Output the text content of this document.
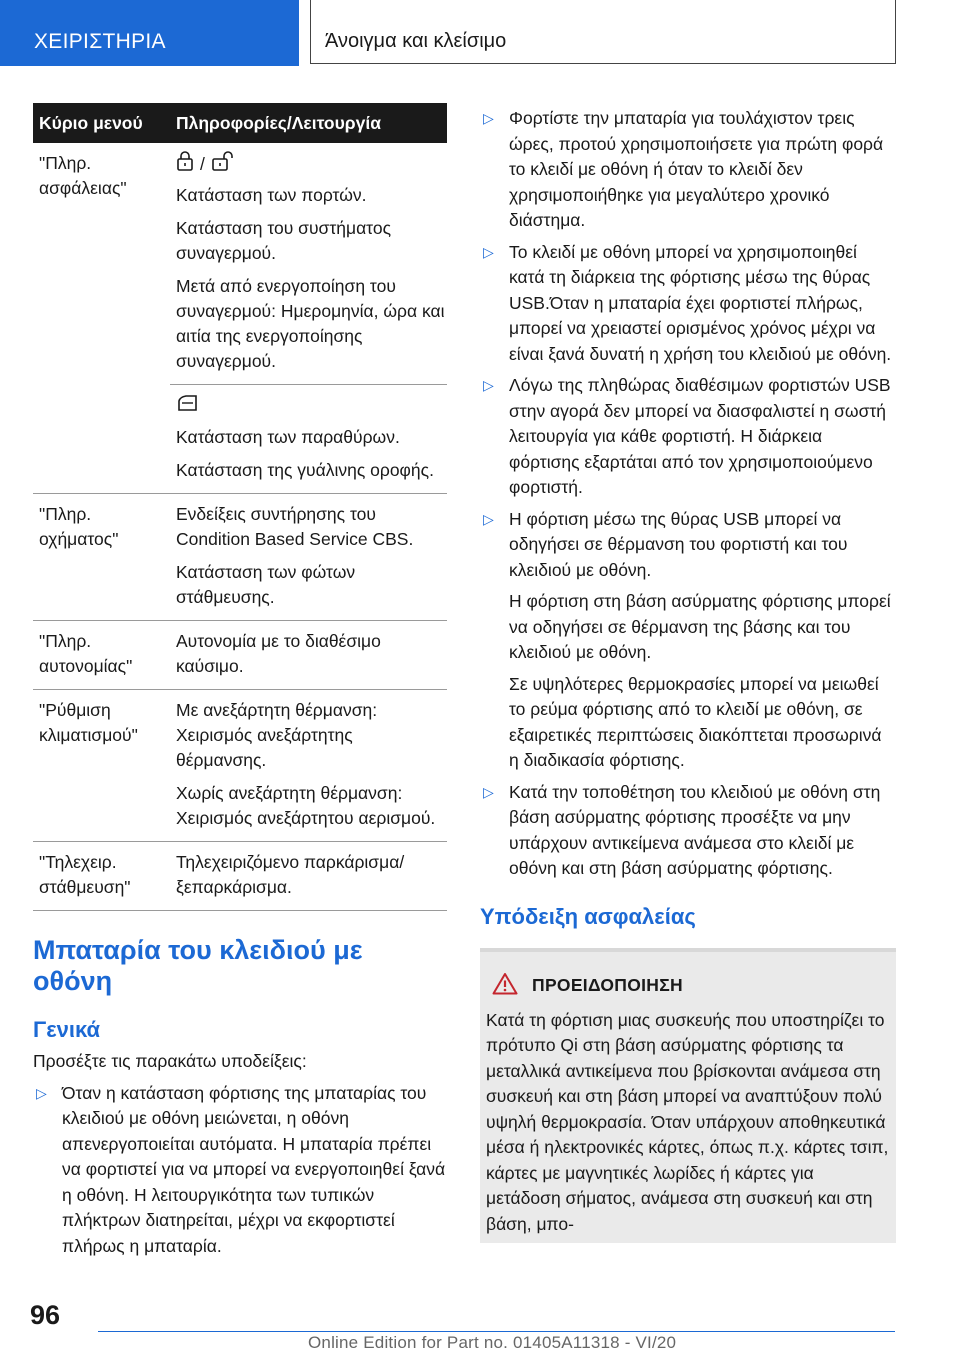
ΧΕΙΡΙΣΤΗΡΙΑ	Άνοιγμα και κλείσιμο
Κύριο μενού	Πληροφορίες/Λειτουργία

"Πληρ. ασφάλειας"	/
Κατάσταση των πορτών.
Κατάσταση του συστήματος συναγερμού.
Μετά από ενεργοποίηση του συναγερμού: Ημερομηνία, ώρα και αιτία της ενεργοποίησης συναγερμού.

	Κατάσταση των παραθύρων.
Κατάσταση της γυάλινης οροφής.

"Πληρ. οχήματος"	Ενδείξεις συντήρησης του Condition Based Service CBS.
Κατάσταση των φώτων στάθμευσης.

"Πληρ. αυτονομίας"	Αυτονομία με το διαθέσιμο καύσιμο.

"Ρύθμιση κλιματισμού"	Με ανεξάρτητη θέρμανση: Χειρισμός ανεξάρτητης θέρμανσης.
Χωρίς ανεξάρτητη θέρμανση: Χειρισμός ανεξάρτητου αερισμού.

"Τηλεχειρ. στάθμευση"	Τηλεχειριζόμενο παρκάρισμα/ξεπαρκάρισμα.
Μπαταρία του κλειδιού με οθόνη
Γενικά
Προσέξτε τις παρακάτω υποδείξεις:
▷ Όταν η κατάσταση φόρτισης της μπαταρίας του κλειδιού με οθόνη μειώνεται, η οθόνη απενεργοποιείται αυτόματα. Η μπαταρία πρέπει να φορτιστεί για να μπορεί να ενεργοποιηθεί ξανά η οθόνη. Η λειτουργικότητα των τυπικών πλήκτρων διατηρείται, μέχρι να εκφορτιστεί πλήρως η μπαταρία.
▷ Φορτίστε την μπαταρία για τουλάχιστον τρεις ώρες, προτού χρησιμοποιήσετε για πρώτη φορά το κλειδί με οθόνη ή όταν το κλειδί δεν χρησιμοποιήθηκε για μεγαλύτερο χρονικό διάστημα.
▷ Το κλειδί με οθόνη μπορεί να χρησιμοποιηθεί κατά τη διάρκεια της φόρτισης μέσω της θύρας USB.Όταν η μπαταρία έχει φορτιστεί πλήρως, μπορεί να χρειαστεί ορισμένος χρόνος μέχρι να είναι ξανά δυνατή η χρήση του κλειδιού με οθόνη.
▷ Λόγω της πληθώρας διαθέσιμων φορτιστών USB στην αγορά δεν μπορεί να διασφαλιστεί η σωστή λειτουργία για κάθε φορτιστή. Η διάρκεια φόρτισης εξαρτάται από τον χρησιμοποιούμενο φορτιστή.
▷ Η φόρτιση μέσω της θύρας USB μπορεί να οδηγήσει σε θέρμανση του φορτιστή και του κλειδιού με οθόνη.
Η φόρτιση στη βάση ασύρματης φόρτισης μπορεί να οδηγήσει σε θέρμανση της βάσης και του κλειδιού με οθόνη.
Σε υψηλότερες θερμοκρασίες μπορεί να μειωθεί το ρεύμα φόρτισης από το κλειδί με οθόνη, σε εξαιρετικές περιπτώσεις διακόπτεται προσωρινά η διαδικασία φόρτισης.
▷ Κατά την τοποθέτηση του κλειδιού με οθόνη στη βάση ασύρματης φόρτισης προσέξτε να μην υπάρχουν αντικείμενα ανάμεσα στο κλειδί με οθόνη και στη βάση ασύρματης φόρτισης.
Υπόδειξη ασφαλείας
ΠΡΟΕΙΔΟΠΟΙΗΣΗ
Κατά τη φόρτιση μιας συσκευής που υποστηρίζει το πρότυπο Qi στη βάση ασύρματης φόρτισης τα μεταλλικά αντικείμενα που βρίσκονται ανάμεσα στη συσκευή και στη βάση μπορεί να αναπτύξουν πολύ υψηλή θερμοκρασία. Όταν υπάρχουν αποθηκευτικά μέσα ή ηλεκτρονικές κάρτες, όπως π.χ. κάρτες τσιπ, κάρτες με μαγνητικές λωρίδες ή κάρτες για μετάδοση σήματος, ανάμεσα στη συσκευή και στη βάση, μπο-
96
Online Edition for Part no. 01405A11318 - VI/20
